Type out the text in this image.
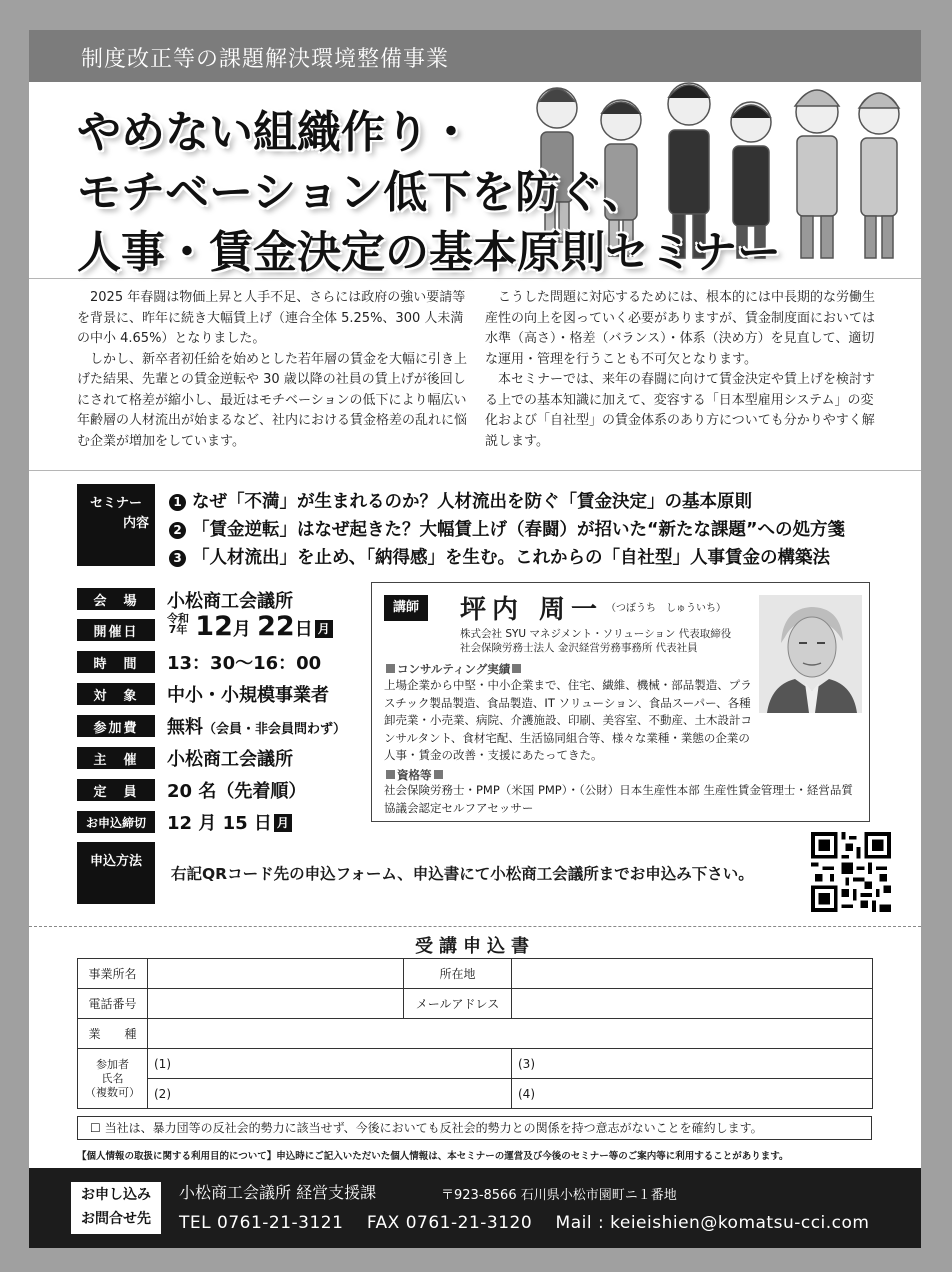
制度改正等の課題解決環境整備事業
やめない組織作り・
モチベーション低下を防ぐ、
人事・賃金決定の基本原則セミナー

2025 年春闘は物価上昇と人手不足、さらには政府の強い要請等を背景に、昨年に続き大幅賃上げ（連合全体 5.25%、300 人未満の中小 4.65%）となりました。

しかし、新卒者初任給を始めとした若年層の賃金を大幅に引き上げた結果、先輩との賃金逆転や 30 歳以降の社員の賃上げが後回しにされて格差が縮小し、最近はモチベーションの低下により幅広い年齢層の人材流出が始まるなど、社内における賃金格差の乱れに悩む企業が増加をしています。

こうした問題に対応するためには、根本的には中長期的な労働生産性の向上を図っていく必要がありますが、賃金制度面においては水準（高さ）・格差（バランス）・体系（決め方）を見直して、適切な運用・管理を行うことも不可欠となります。

本セミナーでは、来年の春闘に向けて賃金決定や賃上げを検討する上での基本知識に加えて、変容する「日本型雇用システム」の変化および「自社型」の賃金体系のあり方についても分かりやすく解説します。

セミナー
内容
1 なぜ「不満」が生まれるのか？人材流出を防ぐ「賃金決定」の基本原則
2 「賃金逆転」はなぜ起きた？大幅賃上げ（春闘）が招いた“新たな課題”への処方箋
3 「人材流出」を止め、「納得感」を生む。これからの「自社型」人事賃金の構築法
会　場	小松商工会議所
開催日
令和
7年 12月 22日 月
時　間	13：30〜16：00
対　象	中小・小規模事業者
参加費	無料（会員・非会員問わず）
主　催	小松商工会議所
定　員	20 名（先着順）
お申込締切	12 月 15 日 月
講師	坪内 周一 （つぼうち　しゅういち）
株式会社 SYU マネジメント・ソリューション 代表取締役
社会保険労務士法人 金沢経営労務事務所 代表社員
コンサルティング実績
上場企業から中堅・中小企業まで、住宅、繊維、機械・部品製造、プラスチック製品製造、食品製造、IT ソリューション、食品スーパー、各種卸売業・小売業、病院、介護施設、印刷、美容室、不動産、土木設計コンサルタント、食材宅配、生活協同組合等、様々な業種・業態の企業の人事・賃金の改善・支援にあたってきた。
資格等
社会保険労務士・PMP（米国 PMP）・（公財）日本生産性本部 生産性賃金管理士・経営品質協議会認定セルフアセッサー
申込方法
右記QRコード先の申込フォーム、申込書にて小松商工会議所までお申込み下さい。
受講申込書
事業所名		所在地	
電話番号		メールアドレス	
業　　種			
参加者
氏名
（複数可）	(1)		(3)
	(2)		(4)
☐ 当社は、暴力団等の反社会的勢力に該当せず、今後においても反社会的勢力との関係を持つ意志がないことを確約します。
【個人情報の取扱に関する利用目的について】申込時にご記入いただいた個人情報は、本セミナーの運営及び今後のセミナー等のご案内等に利用することがあります。
お申し込み
お問合せ先
小松商工会議所 経営支援課	〒923-8566 石川県小松市園町ニ１番地
TEL 0761-21-3121　 FAX 0761-21-3120　 Mail : keieishien@komatsu-cci.com
